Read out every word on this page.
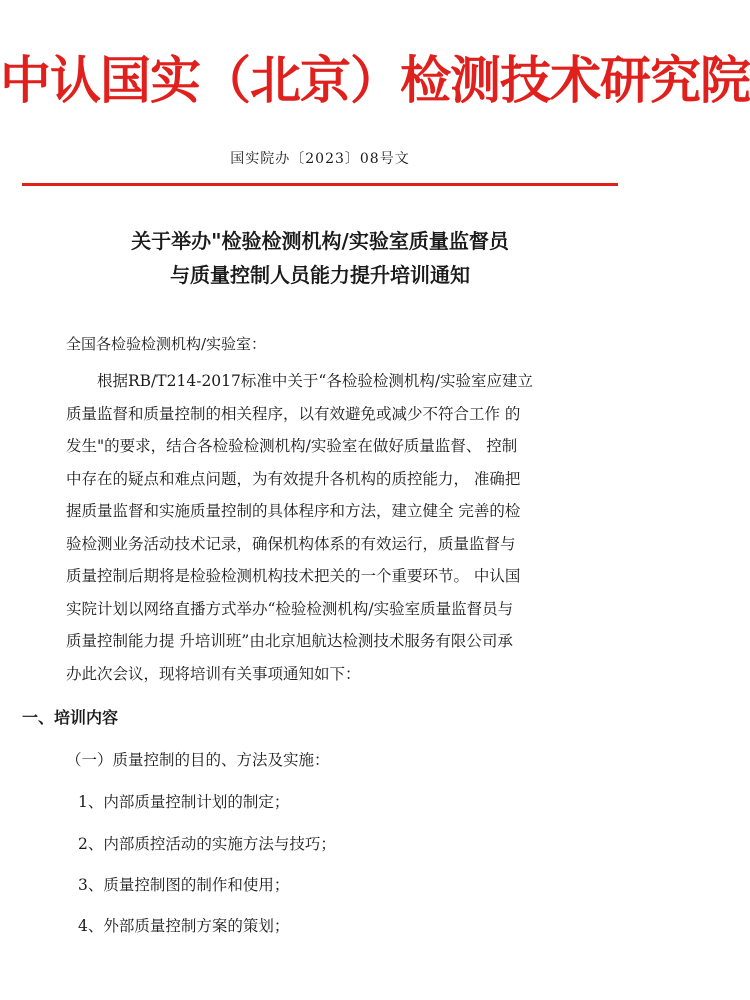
中认国实（北京）检测技术研究院
国实院办〔2023〕08号文
关于举办"检验检测机构/实验室质量监督员
与质量控制人员能力提升培训通知
全国各检验检测机构/实验室：
根据RB/T214-2017标准中关于“各检验检测机构/实验室应建立
质量监督和质量控制的相关程序，以有效避免或减少不符合工作 的
发生"的要求，结合各检验检测机构/实验室在做好质量监督、 控制
中存在的疑点和难点问题，为有效提升各机构的质控能力， 准确把
握质量监督和实施质量控制的具体程序和方法，建立健全 完善的检
验检测业务活动技术记录，确保机构体系的有效运行，质量监督与
质量控制后期将是检验检测机构技术把关的一个重要环节。 中认国
实院计划以网络直播方式举办“检验检测机构/实验室质量监督员与
质量控制能力提 升培训班”由北京旭航达检测技术服务有限公司承
办此次会议，现将培训有关事项通知如下：
一、培训内容
（一）质量控制的目的、方法及实施：
1、内部质量控制计划的制定；
2、内部质控活动的实施方法与技巧；
3、质量控制图的制作和使用；
4、外部质量控制方案的策划；
